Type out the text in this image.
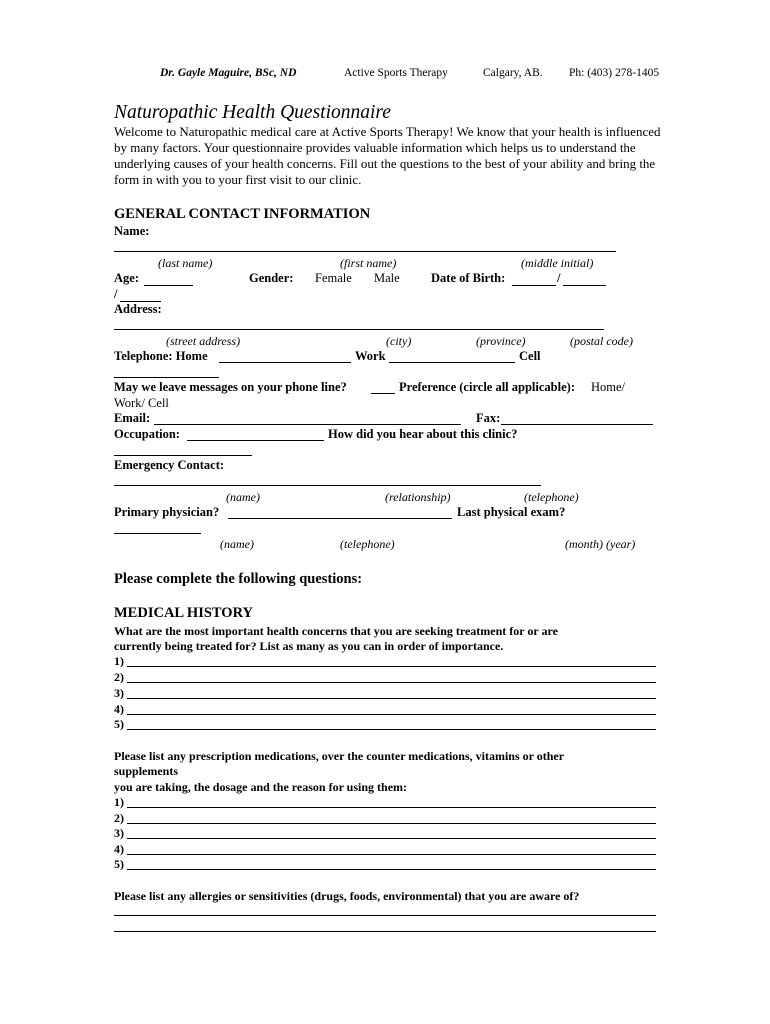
Dr. Gayle Maguire, BSc, ND	Active Sports Therapy	Calgary, AB. Ph: (403) 278-1405
Naturopathic Health Questionnaire
Welcome to Naturopathic medical care at Active Sports Therapy! We know that your health is influenced by many factors. Your questionnaire provides valuable information which helps us to understand the underlying causes of your health concerns. Fill out the questions to the best of your ability and bring the form in with you to your first visit to our clinic.
GENERAL CONTACT INFORMATION
Name:
(last name)	(first name)	(middle initial)
Age:	Gender: Female Male	Date of Birth:	/
/
Address:
(street address)	(city)	(province)	(postal code)
Telephone: Home	Work	Cell
May we leave messages on your phone line?	Preference (circle all applicable): Home/
Work/ Cell
Email:	Fax:
Occupation:	How did you hear about this clinic?
Emergency Contact:
(name)	(relationship)	(telephone)
Primary physician?	Last physical exam?
(name)	(telephone)	(month) (year)
Please complete the following questions:
MEDICAL HISTORY
What are the most important health concerns that you are seeking treatment for or are
currently being treated for? List as many as you can in order of importance.
1)
2)
3)
4)
5)
Please list any prescription medications, over the counter medications, vitamins or other
supplements
you are taking, the dosage and the reason for using them:
1)
2)
3)
4)
5)
Please list any allergies or sensitivities (drugs, foods, environmental) that you are aware of?
